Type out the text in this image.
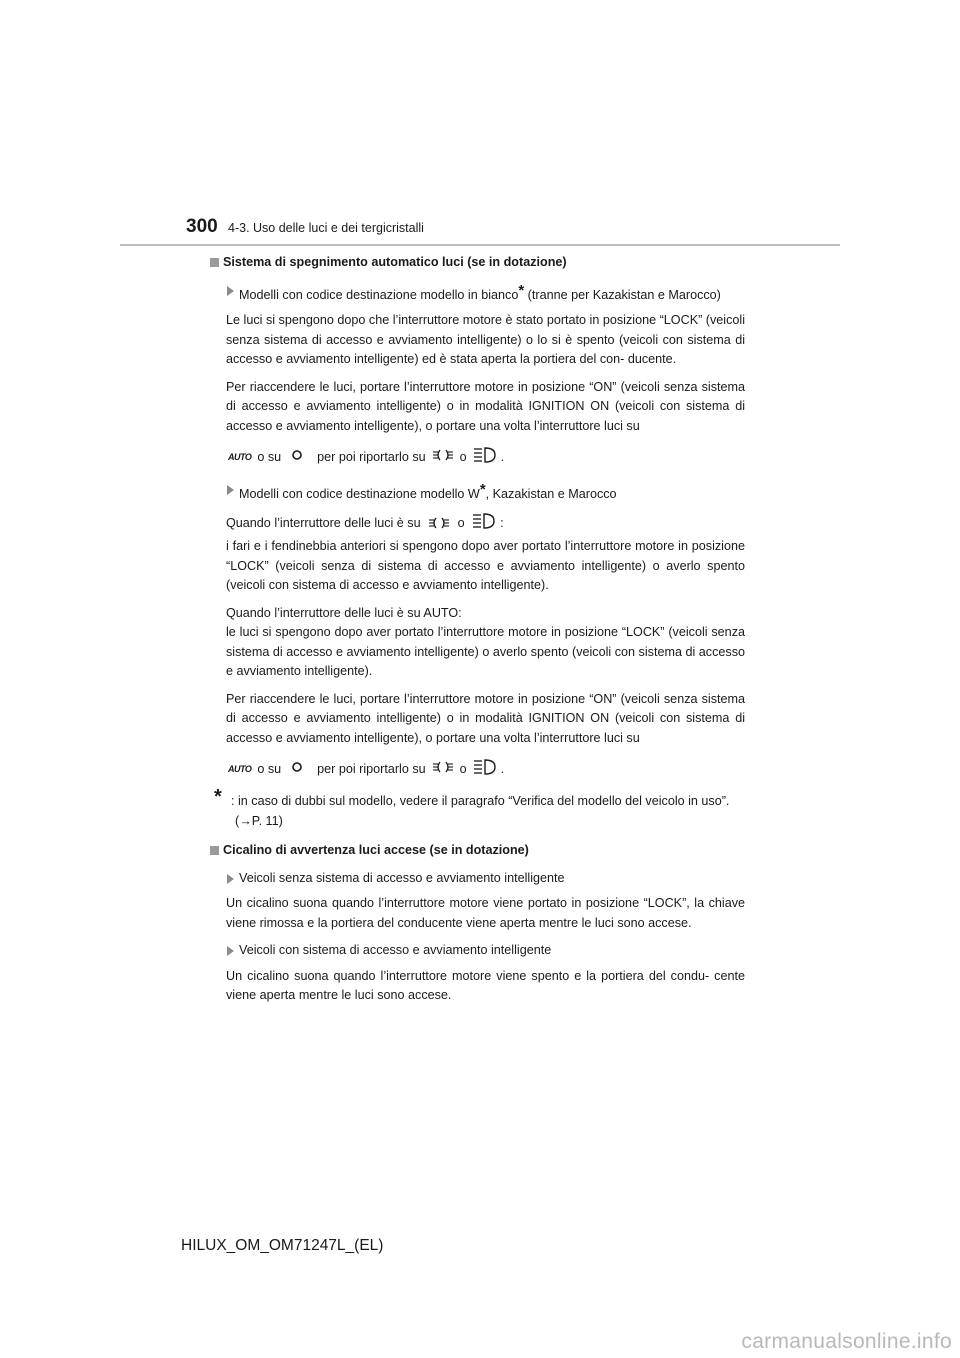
300 4-3. Uso delle luci e dei tergicristalli
Sistema di spegnimento automatico luci (se in dotazione)
Modelli con codice destinazione modello in bianco* (tranne per Kazakistan e Marocco)

Le luci si spengono dopo che l’interruttore motore è stato portato in posizione “LOCK” (veicoli senza sistema di accesso e avviamento intelligente) o lo si è spento (veicoli con sistema di accesso e avviamento intelligente) ed è stata aperta la portiera del con- ducente.

Per riaccendere le luci, portare l’interruttore motore in posizione “ON” (veicoli senza sistema di accesso e avviamento intelligente) o in modalità IGNITION ON (veicoli con sistema di accesso e avviamento intelligente), o portare una volta l’interruttore luci su

AUTO o su	per poi riportarlo su	o	.
Modelli con codice destinazione modello W*, Kazakistan e Marocco

Quando l’interruttore delle luci è su	o	:
i fari e i fendinebbia anteriori si spengono dopo aver portato l’interruttore motore in posizione “LOCK” (veicoli senza di sistema di accesso e avviamento intelligente) o averlo spento (veicoli con sistema di accesso e avviamento intelligente).

Quando l’interruttore delle luci è su AUTO:
le luci si spengono dopo aver portato l’interruttore motore in posizione “LOCK” (veicoli senza sistema di accesso e avviamento intelligente) o averlo spento (veicoli con sistema di accesso e avviamento intelligente).

Per riaccendere le luci, portare l’interruttore motore in posizione “ON” (veicoli senza sistema di accesso e avviamento intelligente) o in modalità IGNITION ON (veicoli con sistema di accesso e avviamento intelligente), o portare una volta l’interruttore luci su

AUTO o su	per poi riportarlo su	o	.
* : in caso di dubbi sul modello, vedere il paragrafo “Verifica del modello del veicolo in uso”. (→P. 11)
Cicalino di avvertenza luci accese (se in dotazione)
Veicoli senza sistema di accesso e avviamento intelligente

Un cicalino suona quando l’interruttore motore viene portato in posizione “LOCK”, la chiave viene rimossa e la portiera del conducente viene aperta mentre le luci sono accese.

Veicoli con sistema di accesso e avviamento intelligente

Un cicalino suona quando l’interruttore motore viene spento e la portiera del condu- cente viene aperta mentre le luci sono accese.

HILUX_OM_OM71247L_(EL)
carmanualsonline.info
